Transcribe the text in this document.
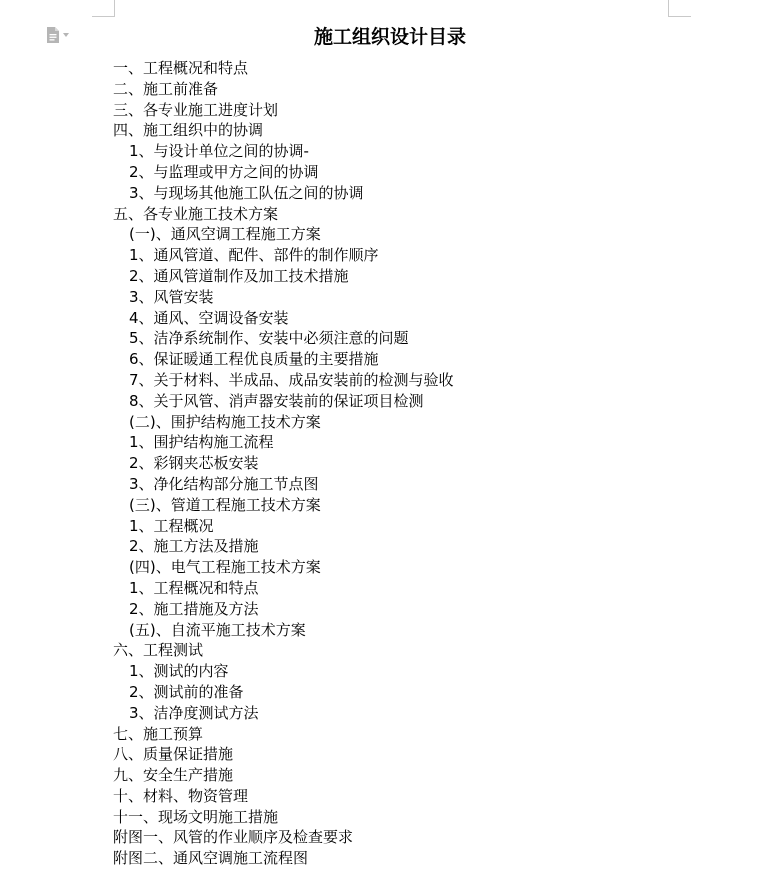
施工组织设计目录
一、工程概况和特点
二、施工前准备
三、各专业施工进度计划
四、施工组织中的协调
1、与设计单位之间的协调-
2、与监理或甲方之间的协调
3、与现场其他施工队伍之间的协调
五、各专业施工技术方案
(一)、通风空调工程施工方案
1、通风管道、配件、部件的制作顺序
2、通风管道制作及加工技术措施
3、风管安装
4、通风、空调设备安装
5、洁净系统制作、安装中必须注意的问题
6、保证暖通工程优良质量的主要措施
7、关于材料、半成品、成品安装前的检测与验收
8、关于风管、消声器安装前的保证项目检测
(二)、围护结构施工技术方案
1、围护结构施工流程
2、彩钢夹芯板安装
3、净化结构部分施工节点图
(三)、管道工程施工技术方案
1、工程概况
2、施工方法及措施
(四)、电气工程施工技术方案
1、工程概况和特点
2、施工措施及方法
(五)、自流平施工技术方案
六、工程测试
1、测试的内容
2、测试前的准备
3、洁净度测试方法
七、施工预算
八、质量保证措施
九、安全生产措施
十、材料、物资管理
十一、现场文明施工措施
附图一、风管的作业顺序及检查要求
附图二、通风空调施工流程图
